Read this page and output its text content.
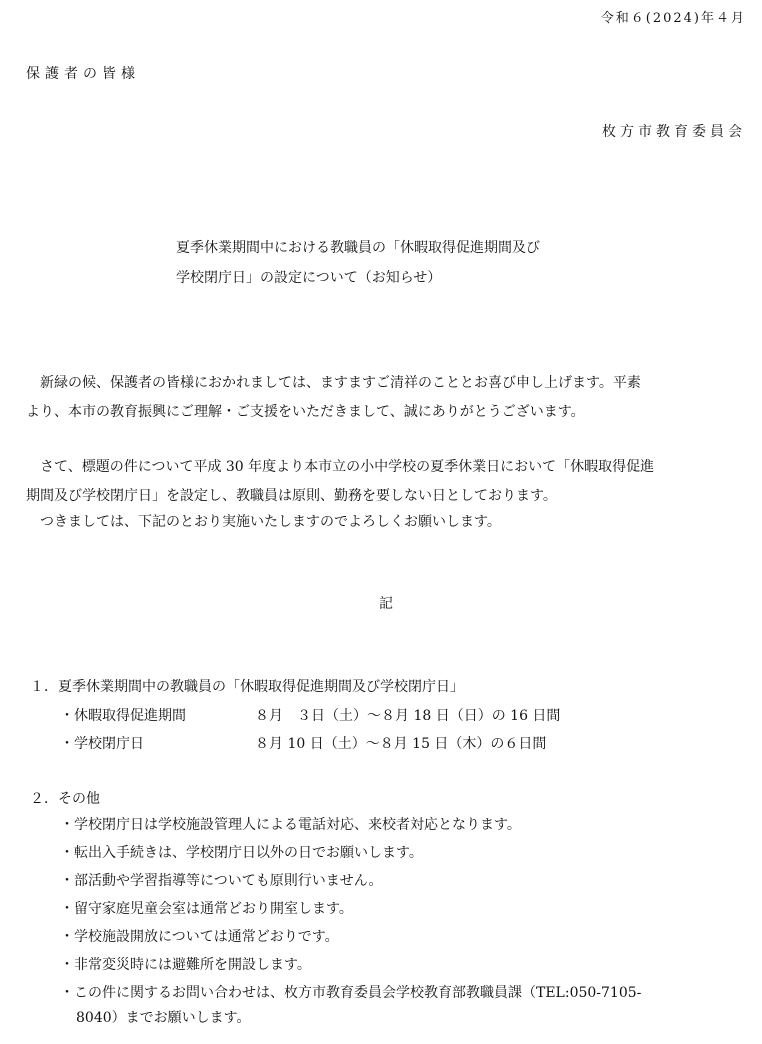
令和６(2024)年４月
保護者の皆様
枚方市教育委員会
夏季休業期間中における教職員の「休暇取得促進期間及び
学校閉庁日」の設定について（お知らせ）
　新緑の候、保護者の皆様におかれましては、ますますご清祥のこととお喜び申し上げます。平素
より、本市の教育振興にご理解・ご支援をいただきまして、誠にありがとうございます。
　さて、標題の件について平成 30 年度より本市立の小中学校の夏季休業日において「休暇取得促進
期間及び学校閉庁日」を設定し、教職員は原則、勤務を要しない日としております。
　つきましては、下記のとおり実施いたしますのでよろしくお願いします。
記
１．夏季休業期間中の教職員の「休暇取得促進期間及び学校閉庁日」
・休暇取得促進期間	８月　３日（土）～８月 18 日（日）の 16 日間
・学校閉庁日	８月 10 日（土）～８月 15 日（木）の６日間
２．その他
・学校閉庁日は学校施設管理人による電話対応、来校者対応となります。
・転出入手続きは、学校閉庁日以外の日でお願いします。
・部活動や学習指導等についても原則行いません。
・留守家庭児童会室は通常どおり開室します。
・学校施設開放については通常どおりです。
・非常変災時には避難所を開設します。
・この件に関するお問い合わせは、枚方市教育委員会学校教育部教職員課（TEL:050-7105-
8040）までお願いします。
